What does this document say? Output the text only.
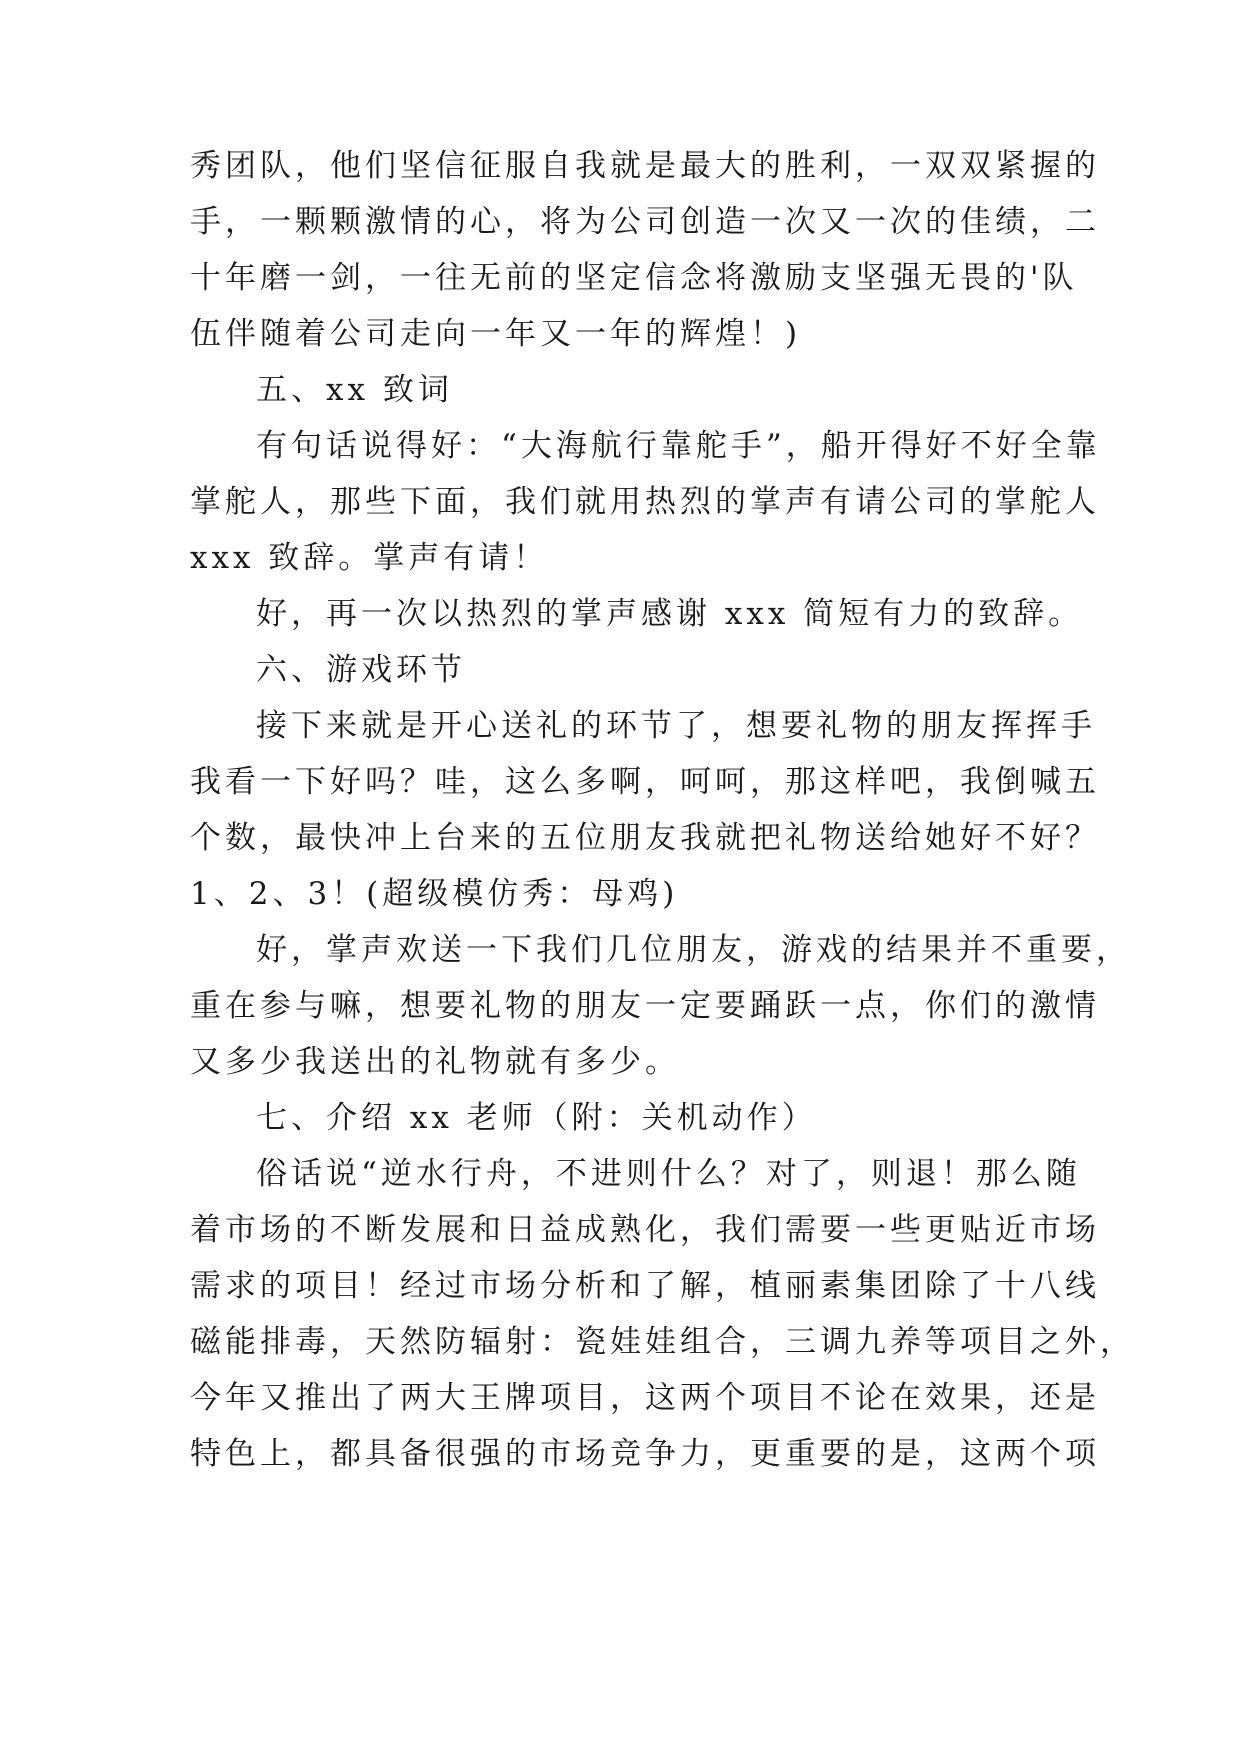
秀团队，他们坚信征服自我就是最大的胜利，一双双紧握的
手，一颗颗激情的心，将为公司创造一次又一次的佳绩，二
十年磨一剑，一往无前的坚定信念将激励支坚强无畏的'队
伍伴随着公司走向一年又一年的辉煌！)
五、xx 致词
有句话说得好：“大海航行靠舵手”，船开得好不好全靠
掌舵人，那些下面，我们就用热烈的掌声有请公司的掌舵人
xxx 致辞。掌声有请！
好，再一次以热烈的掌声感谢 xxx 简短有力的致辞。
六、游戏环节
接下来就是开心送礼的环节了，想要礼物的朋友挥挥手
我看一下好吗？哇，这么多啊，呵呵，那这样吧，我倒喊五
个数，最快冲上台来的五位朋友我就把礼物送给她好不好？
1、2、3！(超级模仿秀：母鸡)
好，掌声欢送一下我们几位朋友，游戏的结果并不重要，
重在参与嘛，想要礼物的朋友一定要踊跃一点，你们的激情
又多少我送出的礼物就有多少。
七、介绍 xx 老师（附：关机动作）
俗话说“逆水行舟，不进则什么？对了，则退！那么随
着市场的不断发展和日益成熟化，我们需要一些更贴近市场
需求的项目！经过市场分析和了解，植丽素集团除了十八线
磁能排毒，天然防辐射：瓷娃娃组合，三调九养等项目之外，
今年又推出了两大王牌项目，这两个项目不论在效果，还是
特色上，都具备很强的市场竞争力，更重要的是，这两个项
